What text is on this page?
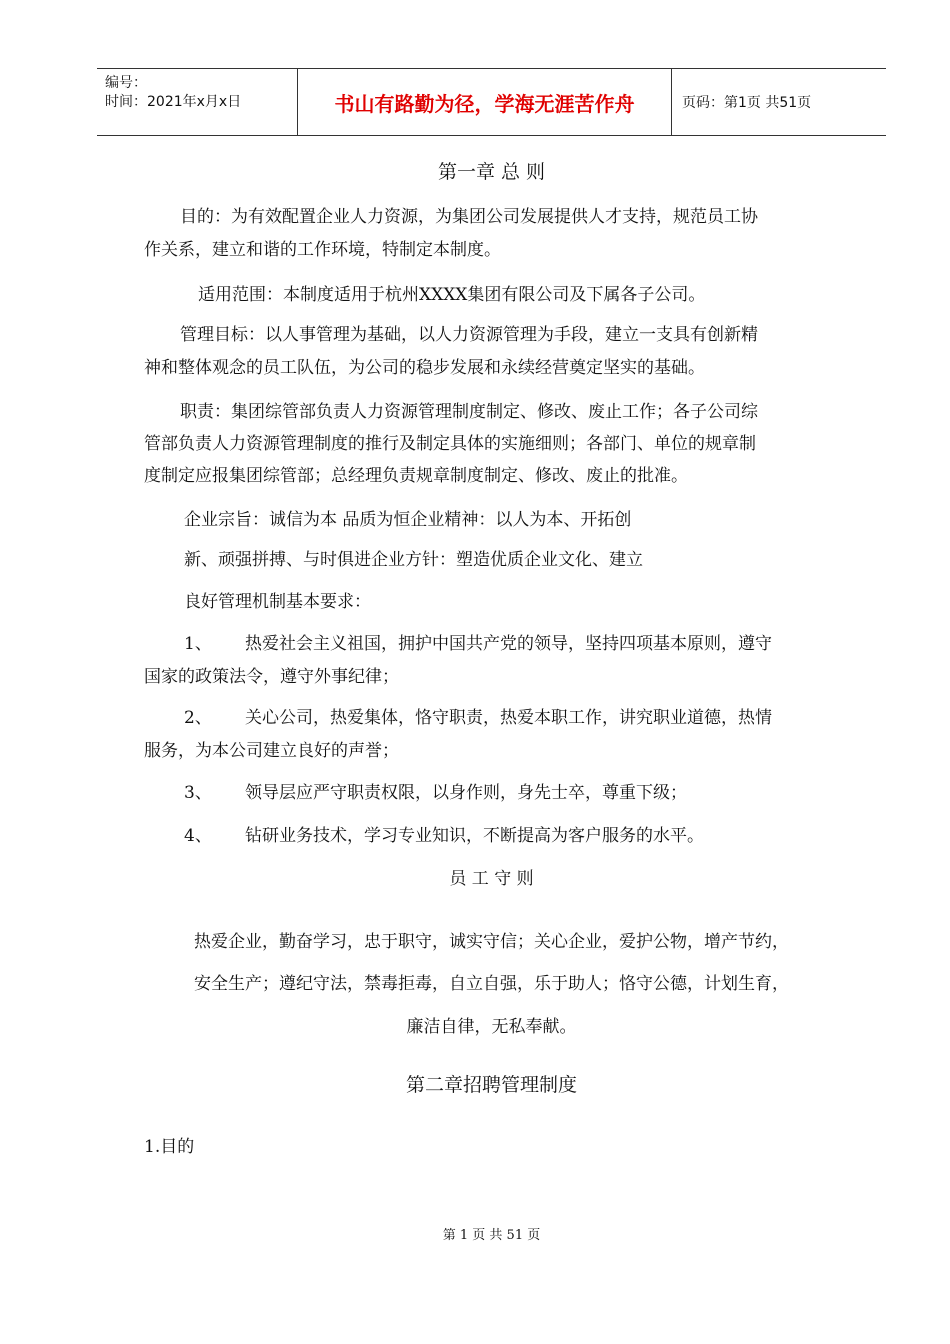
编号：
时间：2021年x月x日	书山有路勤为径，学海无涯苦作舟	页码：第1页 共51页
第一章 总 则
目的：为有效配置企业人力资源，为集团公司发展提供人才支持，规范员工协
作关系，建立和谐的工作环境，特制定本制度。
适用范围：本制度适用于杭州XXXX集团有限公司及下属各子公司。
管理目标：以人事管理为基础，以人力资源管理为手段，建立一支具有创新精
神和整体观念的员工队伍，为公司的稳步发展和永续经营奠定坚实的基础。
职责：集团综管部负责人力资源管理制度制定、修改、废止工作；各子公司综
管部负责人力资源管理制度的推行及制定具体的实施细则；各部门、单位的规章制
度制定应报集团综管部；总经理负责规章制度制定、修改、废止的批准。
企业宗旨：诚信为本 品质为恒企业精神：以人为本、开拓创
新、顽强拼搏、与时俱进企业方针：塑造优质企业文化、建立
良好管理机制基本要求：
1、 热爱社会主义祖国，拥护中国共产党的领导，坚持四项基本原则，遵守
国家的政策法令，遵守外事纪律；
2、 关心公司，热爱集体，恪守职责，热爱本职工作，讲究职业道德，热情
服务，为本公司建立良好的声誉；
3、 领导层应严守职责权限，以身作则，身先士卒，尊重下级；
4、 钻研业务技术，学习专业知识，不断提高为客户服务的水平。
员 工 守 则
热爱企业，勤奋学习，忠于职守，诚实守信；关心企业，爱护公物，增产节约，
安全生产；遵纪守法，禁毒拒毒，自立自强，乐于助人；恪守公德，计划生育，
廉洁自律，无私奉献。
第二章招聘管理制度
1.目的
第 1 页 共 51 页
